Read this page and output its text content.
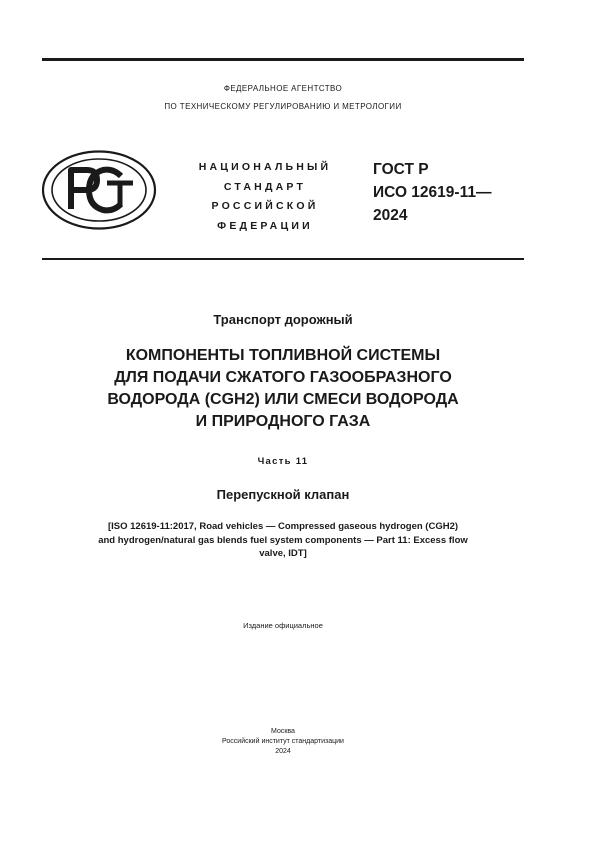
ФЕДЕРАЛЬНОЕ АГЕНТСТВО
ПО ТЕХНИЧЕСКОМУ РЕГУЛИРОВАНИЮ И МЕТРОЛОГИИ
НАЦИОНАЛЬНЫЙ
СТАНДАРТ
РОССИЙСКОЙ
ФЕДЕРАЦИИ
ГОСТ Р
ИСО 12619-11—
2024
Транспорт дорожный
КОМПОНЕНТЫ ТОПЛИВНОЙ СИСТЕМЫ
ДЛЯ ПОДАЧИ СЖАТОГО ГАЗООБРАЗНОГО
ВОДОРОДА (CGH2) ИЛИ СМЕСИ ВОДОРОДА
И ПРИРОДНОГО ГАЗА
Часть 11
Перепускной клапан
[ISO 12619-11:2017, Road vehicles — Compressed gaseous hydrogen (CGH2)
and hydrogen/natural gas blends fuel system components — Part 11: Excess flow
valve, IDT]
Издание официальное
Москва
Российский институт стандартизации
2024
